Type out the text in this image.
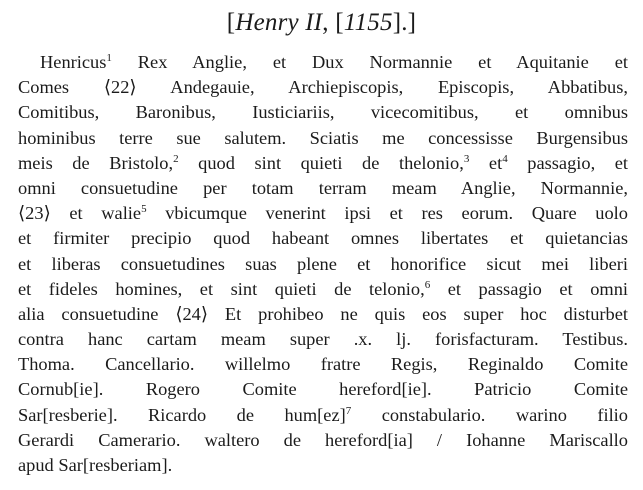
[Henry II, [1155].]
Henricus$^1$ Rex Anglie, et Dux Normannie et Aquitanie et
Comes ⟨22⟩ Andegauie, Archiepiscopis, Episcopis, Abbatibus,
Comitibus, Baronibus, Iusticiariis, vicecomitibus, et omnibus
hominibus terre sue salutem. Sciatis me concessisse Burgensibus
meis de Bristolo,$^2$ quod sint quieti de thelonio,$^3$ $et^4$ passagio, et
omni consuetudine per totam terram meam Anglie, Normannie,
⟨23⟩ et walie$^5$ vbicumque venerint ipsi et res eorum. Quare uolo
et firmiter precipio quod habeant omnes libertates et quietancias
et liberas consuetudines suas plene et honorifice sicut mei liberi
et fideles homines, et sint quieti de telonio,$^6$ et passagio et omni
alia consuetudine ⟨24⟩ Et prohibeo ne quis eos super hoc disturbet
contra hanc cartam meam super .x. lj. forisfacturam. Testibus.
Thoma. Cancellario. willelmo fratre Regis, Reginaldo Comite
Cornub[ie]. Rogero Comite hereford[ie]. Patricio Comite
Sar[resberie]. Ricardo de hum[ez]$^7$ constabulario. warino filio
Gerardi Camerario. waltero de hereford[ia] / Iohanne Mariscallo
apud Sar[resberiam].
